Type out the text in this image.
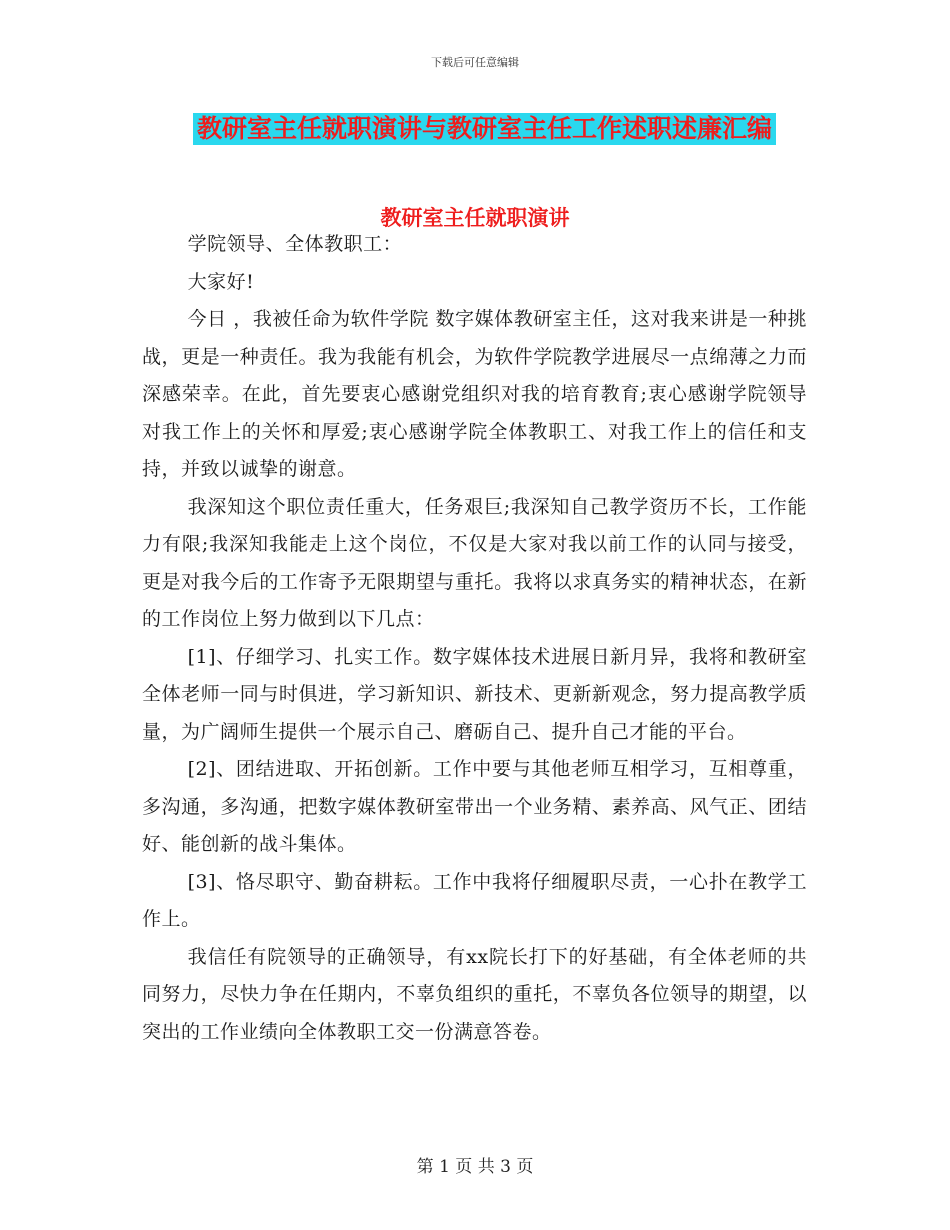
下载后可任意编辑
教研室主任就职演讲与教研室主任工作述职述廉汇编
教研室主任就职演讲

学院领导、全体教职工：

大家好!

今日 ，我被任命为软件学院 数字媒体教研室主任，这对我来讲是一种挑战，更是一种责任。我为我能有机会，为软件学院教学进展尽一点绵薄之力而深感荣幸。在此，首先要衷心感谢党组织对我的培育教育;衷心感谢学院领导对我工作上的关怀和厚爱;衷心感谢学院全体教职工、对我工作上的信任和支持，并致以诚挚的谢意。

我深知这个职位责任重大，任务艰巨;我深知自己教学资历不长，工作能力有限;我深知我能走上这个岗位，不仅是大家对我以前工作的认同与接受，更是对我今后的工作寄予无限期望与重托。我将以求真务实的精神状态，在新的工作岗位上努力做到以下几点：

[1]、仔细学习、扎实工作。数字媒体技术进展日新月异，我将和教研室全体老师一同与时俱进，学习新知识、新技术、更新新观念，努力提高教学质量，为广阔师生提供一个展示自己、磨砺自己、提升自己才能的平台。

[2]、团结进取、开拓创新。工作中要与其他老师互相学习，互相尊重，多沟通，多沟通，把数字媒体教研室带出一个业务精、素养高、风气正、团结好、能创新的战斗集体。

[3]、恪尽职守、勤奋耕耘。工作中我将仔细履职尽责，一心扑在教学工作上。

我信任有院领导的正确领导，有xx院长打下的好基础，有全体老师的共同努力，尽快力争在任期内，不辜负组织的重托，不辜负各位领导的期望，以突出的工作业绩向全体教职工交一份满意答卷。

第 1 页 共 3 页
